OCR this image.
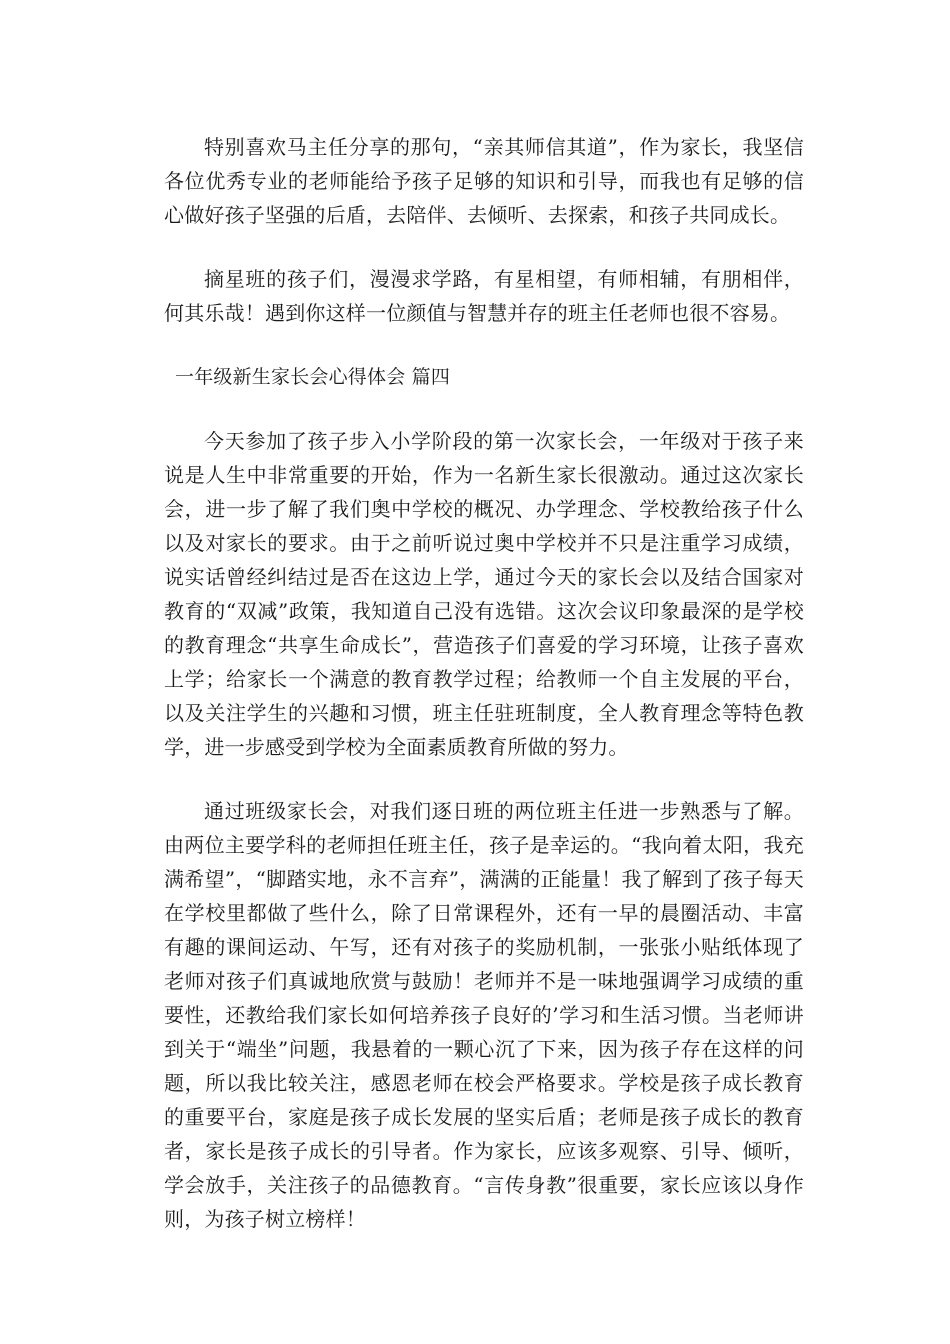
特别喜欢马主任分享的那句，“亲其师信其道”，作为家长，我坚信各位优秀专业的老师能给予孩子足够的知识和引导，而我也有足够的信心做好孩子坚强的后盾，去陪伴、去倾听、去探索，和孩子共同成长。

摘星班的孩子们，漫漫求学路，有星相望，有师相辅，有朋相伴，何其乐哉！遇到你这样一位颜值与智慧并存的班主任老师也很不容易。

一年级新生家长会心得体会 篇四

今天参加了孩子步入小学阶段的第一次家长会，一年级对于孩子来说是人生中非常重要的开始，作为一名新生家长很激动。通过这次家长会，进一步了解了我们奥中学校的概况、办学理念、学校教给孩子什么以及对家长的要求。由于之前听说过奥中学校并不只是注重学习成绩，说实话曾经纠结过是否在这边上学，通过今天的家长会以及结合国家对教育的“双减”政策，我知道自己没有选错。这次会议印象最深的是学校的教育理念“共享生命成长”，营造孩子们喜爱的学习环境，让孩子喜欢上学；给家长一个满意的教育教学过程；给教师一个自主发展的平台，以及关注学生的兴趣和习惯，班主任驻班制度，全人教育理念等特色教学，进一步感受到学校为全面素质教育所做的努力。

通过班级家长会，对我们逐日班的两位班主任进一步熟悉与了解。由两位主要学科的老师担任班主任，孩子是幸运的。“我向着太阳，我充满希望”，“脚踏实地，永不言弃”，满满的正能量！我了解到了孩子每天在学校里都做了些什么，除了日常课程外，还有一早的晨圈活动、丰富有趣的课间运动、午写，还有对孩子的奖励机制，一张张小贴纸体现了老师对孩子们真诚地欣赏与鼓励！老师并不是一味地强调学习成绩的重要性，还教给我们家长如何培养孩子良好的’学习和生活习惯。当老师讲到关于“端坐”问题，我悬着的一颗心沉了下来，因为孩子存在这样的问题，所以我比较关注，感恩老师在校会严格要求。学校是孩子成长教育的重要平台，家庭是孩子成长发展的坚实后盾；老师是孩子成长的教育者，家长是孩子成长的引导者。作为家长，应该多观察、引导、倾听，学会放手，关注孩子的品德教育。“言传身教”很重要，家长应该以身作则，为孩子树立榜样！
